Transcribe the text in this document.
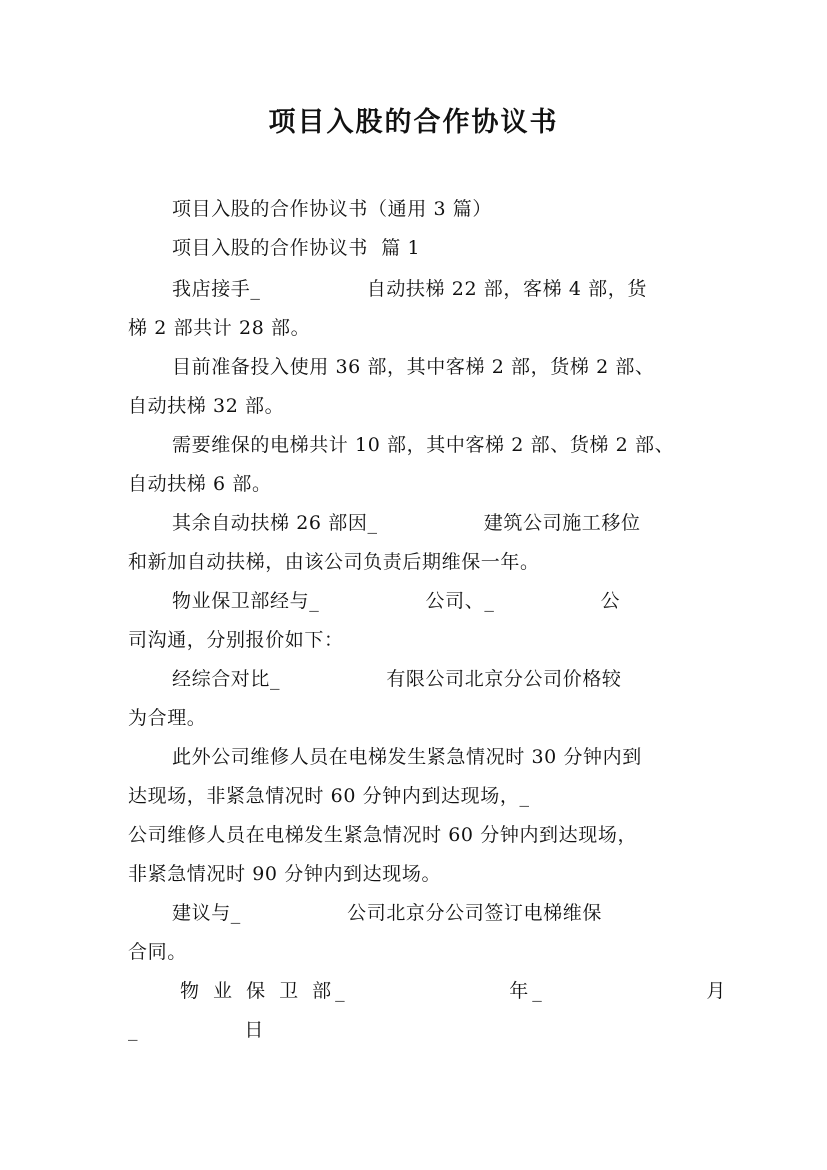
项目入股的合作协议书
项目入股的合作协议书（通用 3 篇）
项目入股的合作协议书  篇 1
我店接手_                自动扶梯 22 部，客梯 4 部，货
梯 2 部共计 28 部。
目前准备投入使用 36 部，其中客梯 2 部，货梯 2 部、
自动扶梯 32 部。
需要维保的电梯共计 10 部，其中客梯 2 部、货梯 2 部、
自动扶梯 6 部。
其余自动扶梯 26 部因_                建筑公司施工移位
和新加自动扶梯，由该公司负责后期维保一年。
物业保卫部经与_                公司、_                公
司沟通，分别报价如下：
经综合对比_                有限公司北京分公司价格较
为合理。
此外公司维修人员在电梯发生紧急情况时 30 分钟内到
达现场，非紧急情况时 60 分钟内到达现场，_
公司维修人员在电梯发生紧急情况时 60 分钟内到达现场，
非紧急情况时 90 分钟内到达现场。
建议与_                公司北京分公司签订电梯维保
合同。
物 业 保 卫 部_                年_                月
_                日
